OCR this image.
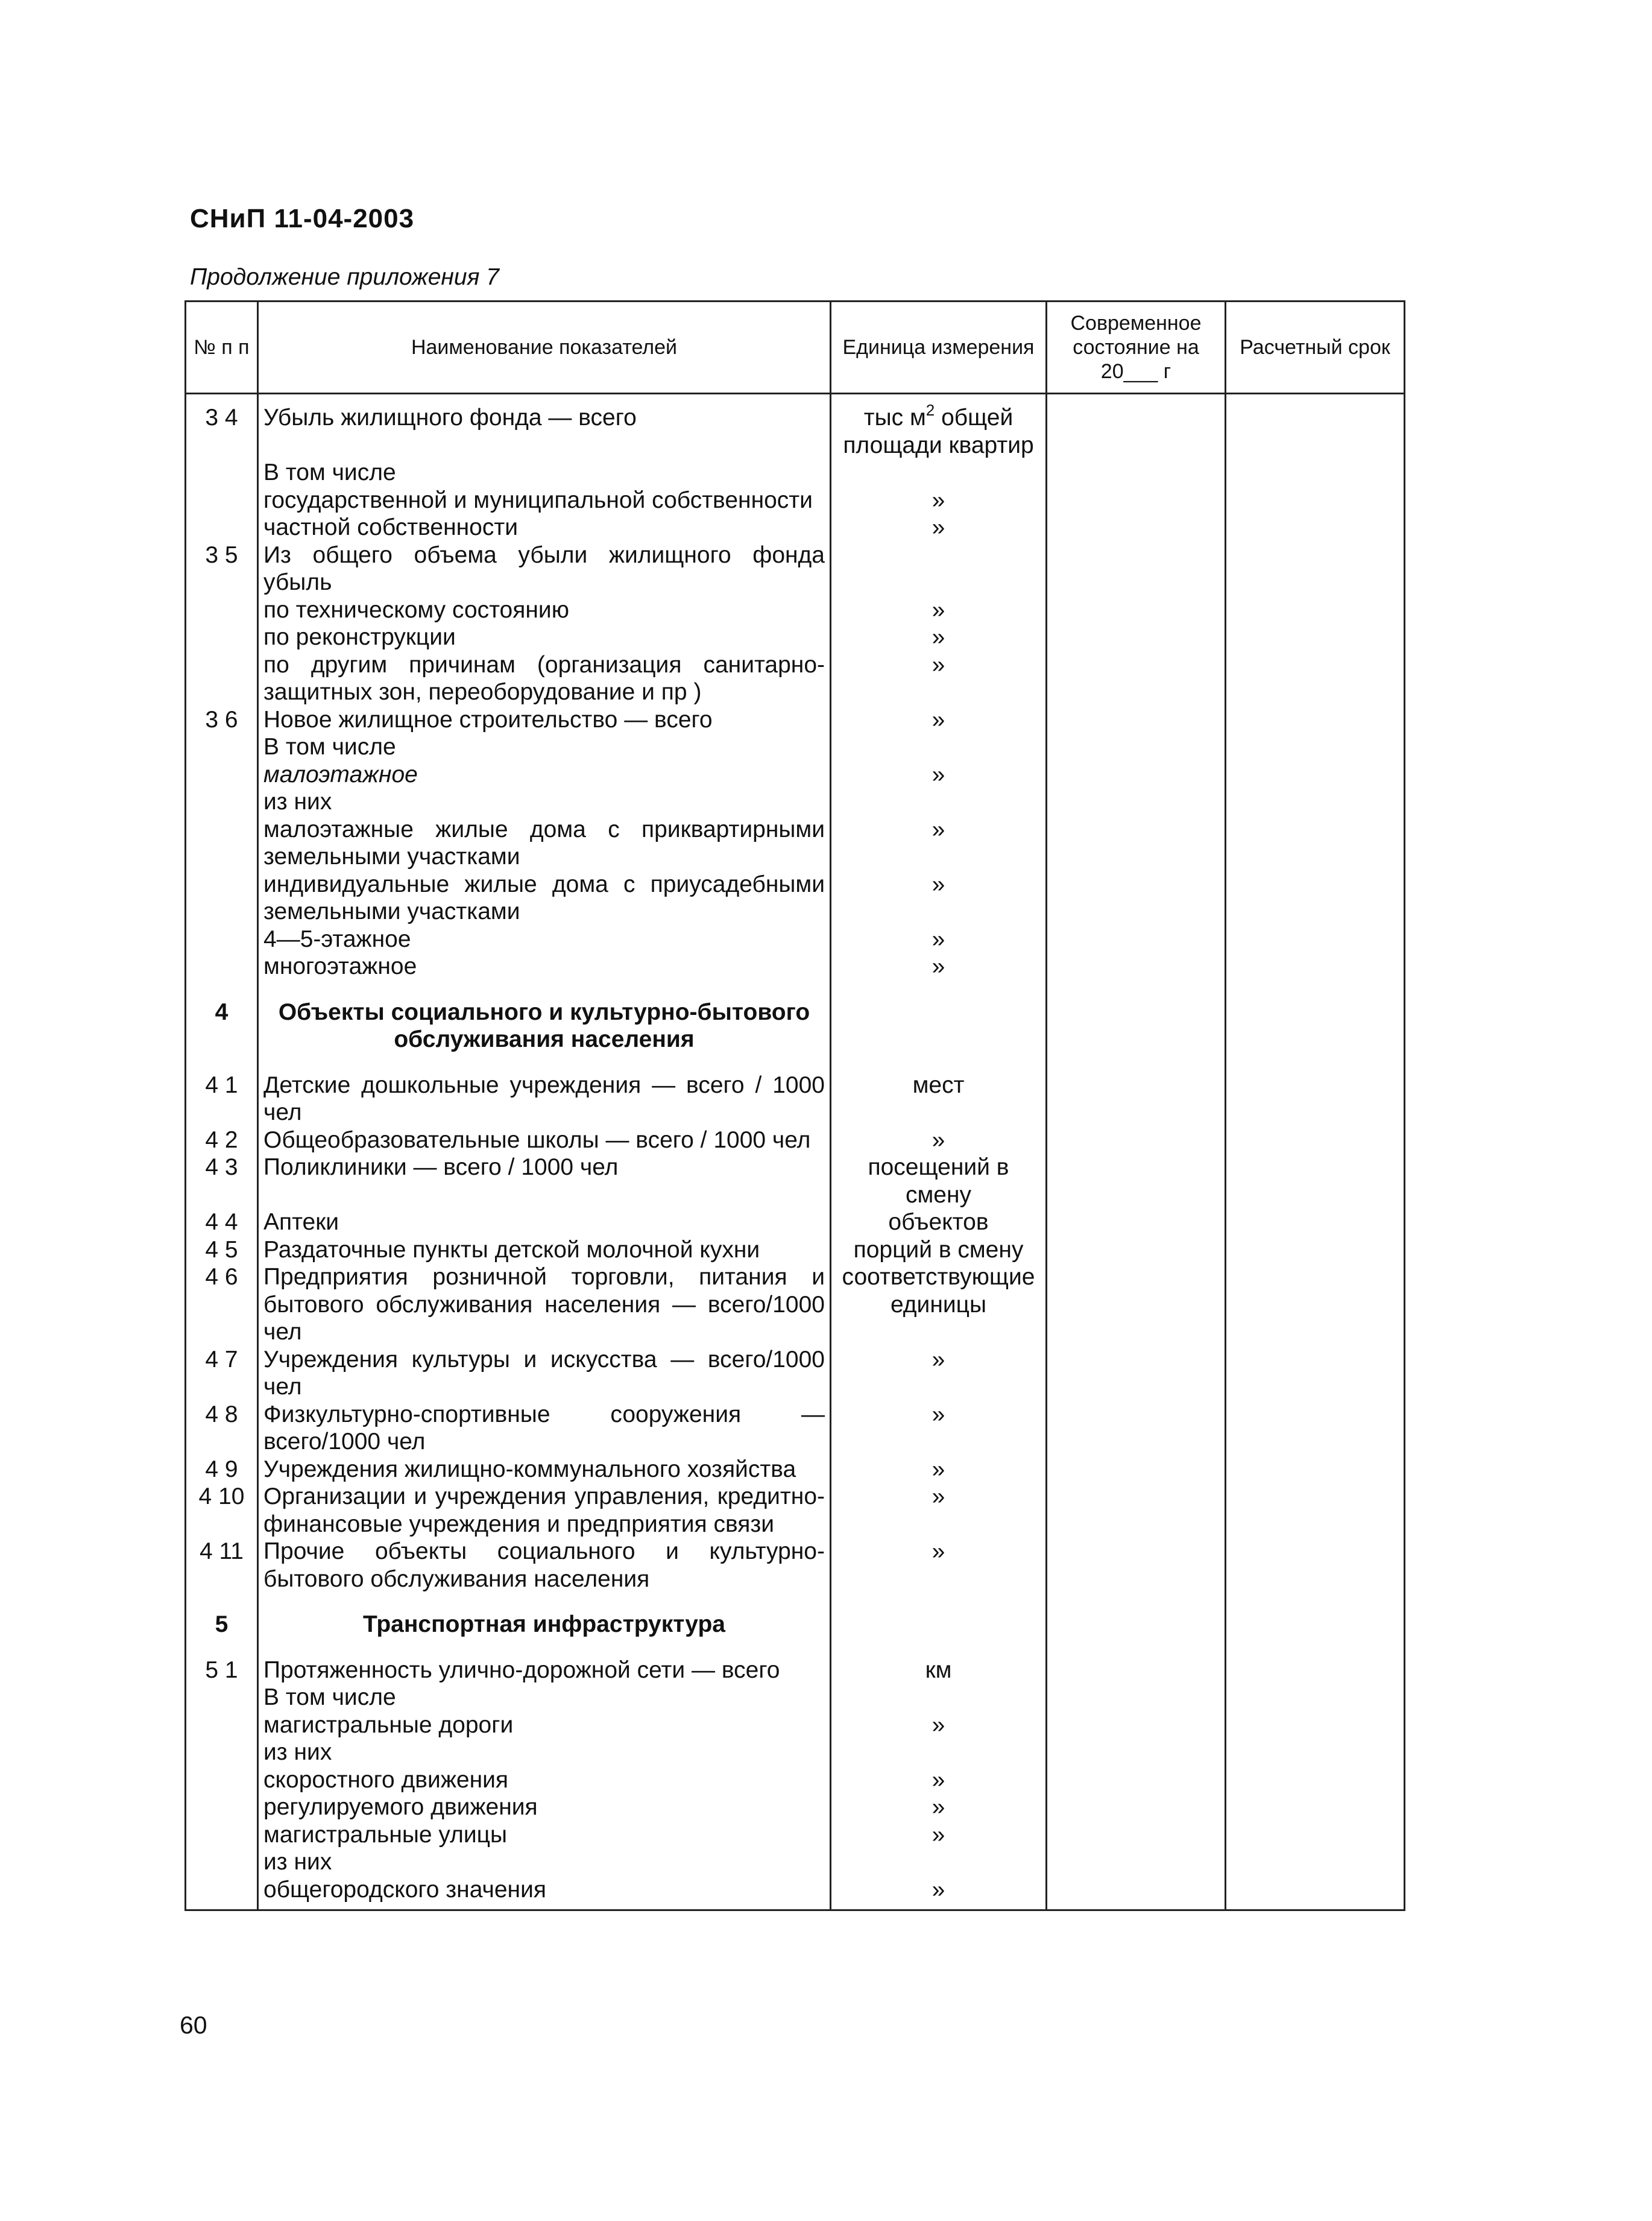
СНиП 11-04-2003
Продолжение приложения 7
№ п п	Наименование показателей	Единица измерения	Современное состояние на 20___ г	Расчетный срок
3 4	Убыль жилищного фонда — всего	тыс $м^2$ общей площади квартир		
	В том числе			
	государственной и муниципальной собственности	»		
	частной собственности	»		
3 5	Из общего объема убыли жилищного фонда убыль			
	по техническому состоянию	»		
	по реконструкции	»		
	по другим причинам (организация санитарно-защитных зон, переоборудование и пр )	»		
3 6	Новое жилищное строительство — всего	»		
	В том числе			
	малоэтажное	»		
	из них			
	малоэтажные жилые дома с приквартирными земельными участками	»		
	индивидуальные жилые дома с приусадебными земельными участками	»		
	4—5-этажное	»		
	многоэтажное	»		

4	Объекты социального и культурно-бытового обслуживания населения			

4 1	Детские дошкольные учреждения — всего / 1000 чел	мест		
4 2	Общеобразовательные школы — всего / 1000 чел	»		
4 3	Поликлиники — всего / 1000 чел	посещений в смену		
4 4	Аптеки	объектов		
4 5	Раздаточные пункты детской молочной кухни	порций в смену		
4 6	Предприятия розничной торговли, питания и бытового обслуживания населения — всего/1000 чел	соответствующие единицы		
4 7	Учреждения культуры и искусства — всего/1000 чел	»		
4 8	Физкультурно-спортивные сооружения — всего/1000 чел	»		
4 9	Учреждения жилищно-коммунального хозяйства	»		
4 10	Организации и учреждения управления, кредитно-финансовые учреждения и предприятия связи	»		
4 11	Прочие объекты социального и культурно-бытового обслуживания населения	»		

5	Транспортная инфраструктура			

5 1	Протяженность улично-дорожной сети — всего	км		
	В том числе			
	магистральные дороги	»		
	из них			
	скоростного движения	»		
	регулируемого движения	»		
	магистральные улицы	»		
	из них			
	общегородского значения	»		
60
